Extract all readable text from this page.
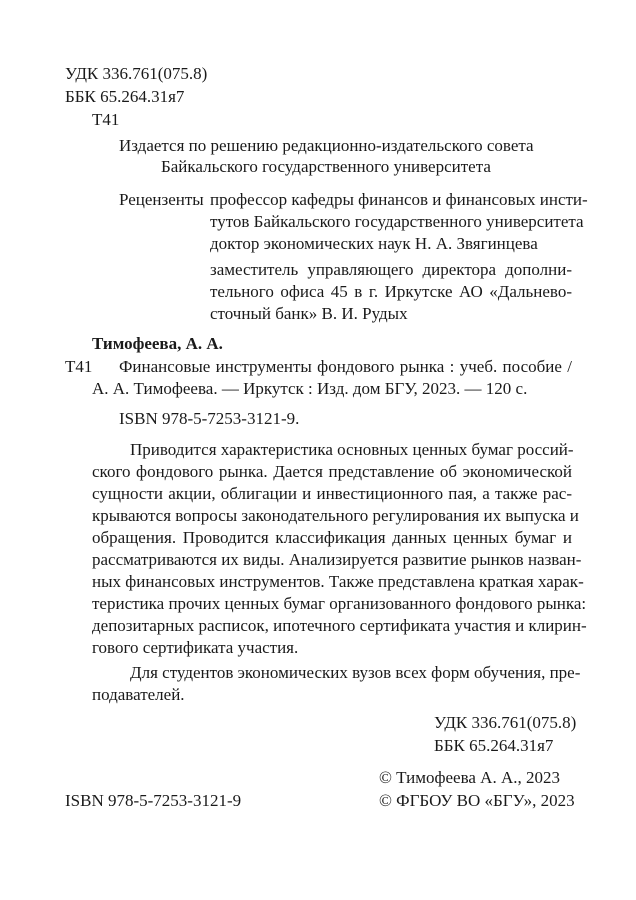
УДК 336.761(075.8)
ББК 65.264.31я7
Т41
Издается по решению редакционно-издательского совета
Байкальского государственного университета
Рецензенты профессор кафедры финансов и финансовых инсти-
тутов Байкальского государственного университета
доктор экономических наук Н. А. Звягинцева
заместитель управляющего директора дополни-
тельного офиса 45 в г. Иркутске АО «Дальнево-
сточный банк» В. И. Рудых
Тимофеева, А. А.
Т41 Финансовые инструменты фондового рынка : учеб. пособие /
А. А. Тимофеева. — Иркутск : Изд. дом БГУ, 2023. — 120 с.
ISBN 978-5-7253-3121-9.
Приводится характеристика основных ценных бумаг россий-
ского фондового рынка. Дается представление об экономической
сущности акции, облигации и инвестиционного пая, а также рас-
крываются вопросы законодательного регулирования их выпуска и
обращения. Проводится классификация данных ценных бумаг и
рассматриваются их виды. Анализируется развитие рынков назван-
ных финансовых инструментов. Также представлена краткая харак-
теристика прочих ценных бумаг организованного фондового рынка:
депозитарных расписок, ипотечного сертификата участия и клирин-
гового сертификата участия.
Для студентов экономических вузов всех форм обучения, пре-
подавателей.
УДК 336.761(075.8)
ББК 65.264.31я7
© Тимофеева А. А., 2023
ISBN 978-5-7253-3121-9	© ФГБОУ ВО «БГУ», 2023
